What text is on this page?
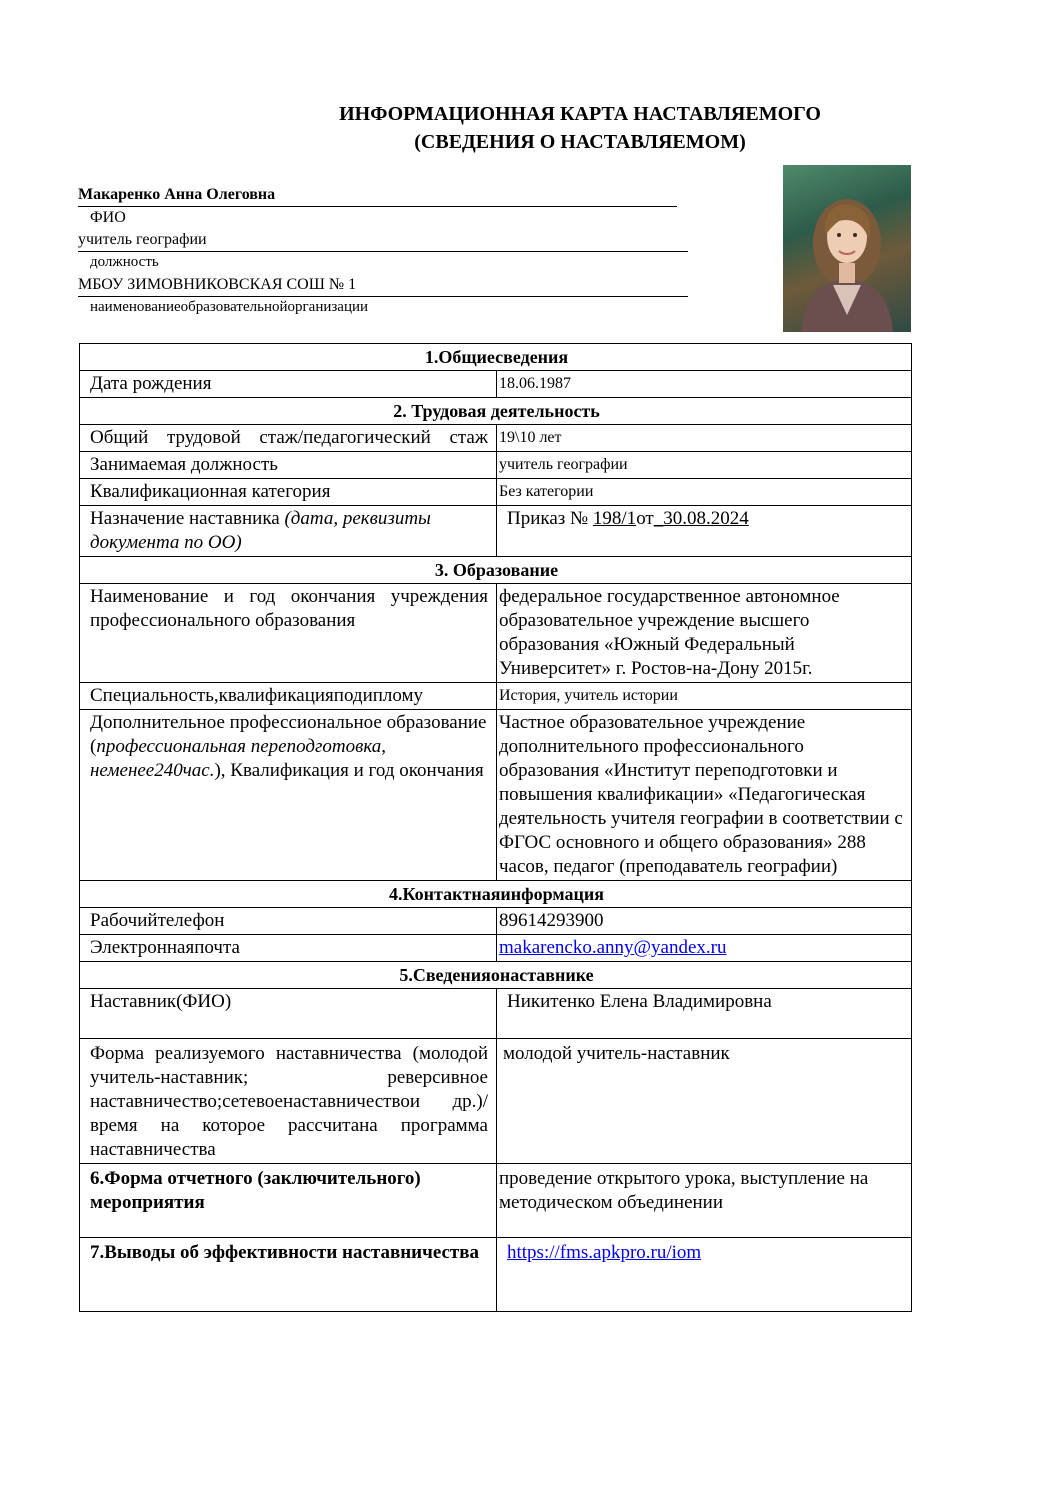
ИНФОРМАЦИОННАЯ КАРТА НАСТАВЛЯЕМОГО
(СВЕДЕНИЯ О НАСТАВЛЯЕМОМ)
Макаренко Анна Олеговна
ФИО
учитель географии
должность
МБОУ ЗИМОВНИКОВСКАЯ СОШ № 1
наименованиеобразовательнойорганизации
1.Общиесведения	
Дата рождения	18.06.1987
2. Трудовая деятельность	
Общий трудовой стаж/педагогический стаж	19\10 лет
Занимаемая должность	учитель географии
Квалификационная категория	Без категории
Назначение наставника (дата, реквизиты документа по ОО)	Приказ № 198/1от_30.08.2024
3. Образование	
Наименование и год окончания учреждения профессионального образования	федеральное государственное автономное образовательное учреждение высшего образования «Южный Федеральный Университет» г. Ростов-на-Дону 2015г.
Специальность,квалификацияподиплому	История, учитель истории
Дополнительное профессиональное образование (профессиональная переподготовка, неменее240час.), Квалификация и год окончания	Частное образовательное учреждение дополнительного профессионального образования «Институт переподготовки и повышения квалификации» «Педагогическая деятельность учителя географии в соответствии с ФГОС основного и общего образования» 288 часов, педагог (преподаватель географии)
4.Контактнаяинформация	
Рабочийтелефон	89614293900
Электроннаяпочта	makarencko.anny@yandex.ru
5.Сведенияонаставнике	
Наставник(ФИО)	Никитенко Елена Владимировна
Форма реализуемого наставничества (молодой учитель-наставник; реверсивное наставничество;сетевоенаставничествои др.)/время на которое рассчитана программа наставничества	молодой учитель-наставник
6.Форма отчетного (заключительного) мероприятия	проведение открытого урока, выступление на методическом объединении
7.Выводы об эффективности наставничества	https://fms.apkpro.ru/iom
